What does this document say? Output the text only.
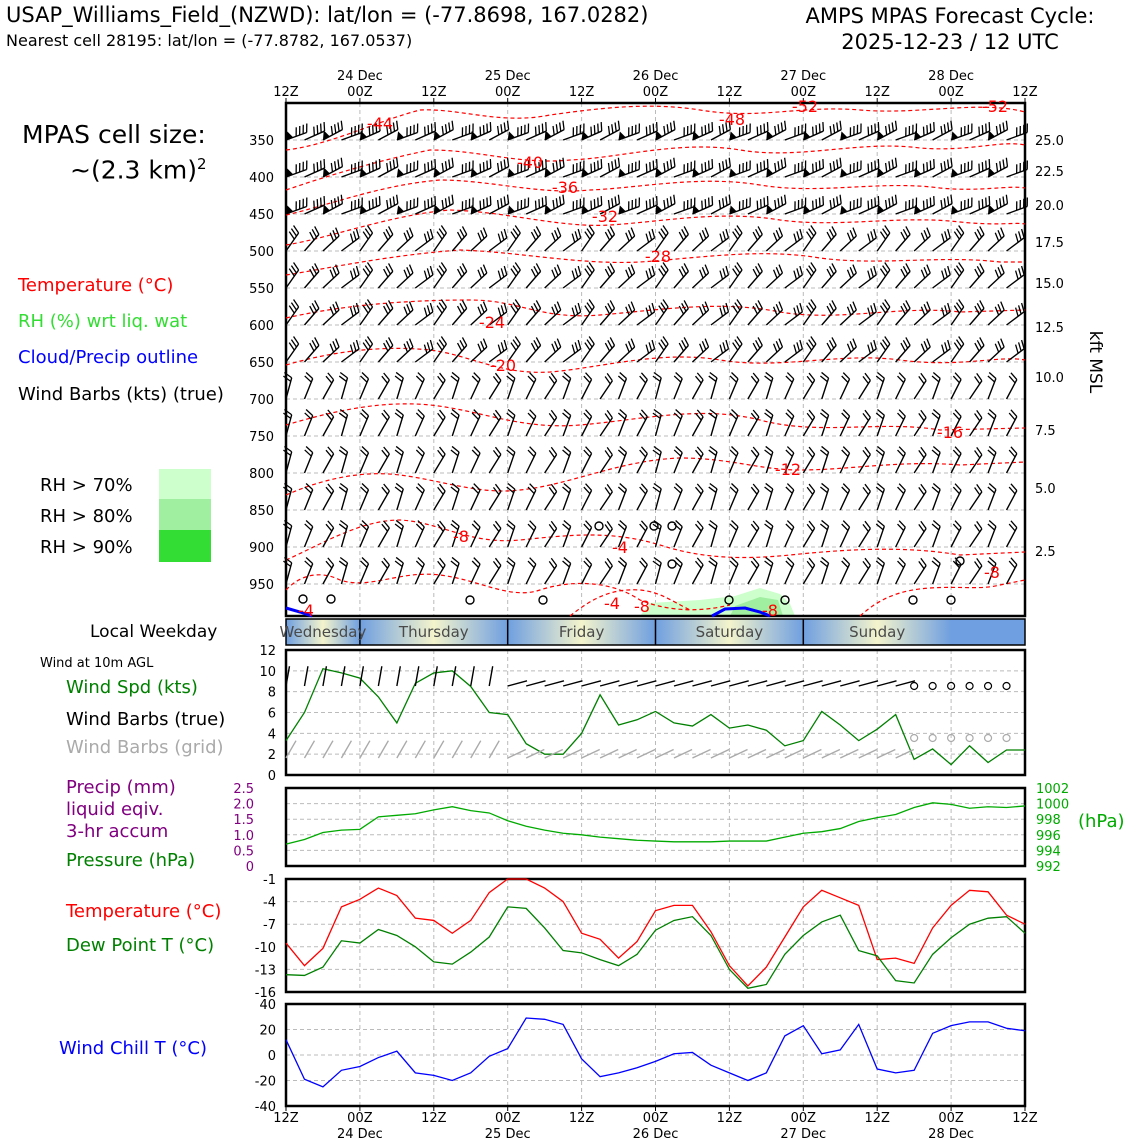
USAP_Williams_Field_(NZWD): lat/lon = (-77.8698, 167.0282)
Nearest cell 28195: lat/lon = (-77.8782, 167.0537)
AMPS MPAS Forecast Cycle:
2025-12-23 / 12 UTC
MPAS cell size:
~(2.3 km)$^2$
Temperature (°C)
RH (%) wrt liq. wat
Cloud/Precip outline
Wind Barbs (kts) (true)
RH > 70%
RH > 80%
RH > 90%
Local Weekday
Wind at 10m AGL
Wind Spd (kts)
Wind Barbs (true)
Wind Barbs (grid)
Precip (mm)
liquid eqiv.
3-hr accum
Pressure (hPa)
Temperature (°C)
Dew Point T (°C)
Wind Chill T (°C)
350
400
450
500
550
600
650
700
750
800
850
900
950
25.0
22.5
20.0
17.5
15.0
12.5
10.0
7.5
5.0
2.5
kft MSL
-44	-48
-52	-52
-40
-36
-32
-28
-24
-20
-16
-12
-8
-4
-4 -8
-4	-8
-8
12Z	00Z	12Z	00Z	12Z	00Z	12Z	00Z	12Z	00Z	12Z
24 Dec	25 Dec	26 Dec	27 Dec	28 Dec
Wednesday Thursday	Friday	Saturday	Sunday
0
2
4
6
8
10
12
0	992
0.5	994
1.0	996
1.5	998
2.0	1000
2.5	1002
(hPa)
-1
-4
-7
-10
-13
-16
-40
-20
0
20
40
12Z	00Z	12Z	00Z	12Z	00Z	12Z	00Z	12Z	00Z	12Z
24 Dec	25 Dec	26 Dec	27 Dec	28 Dec
